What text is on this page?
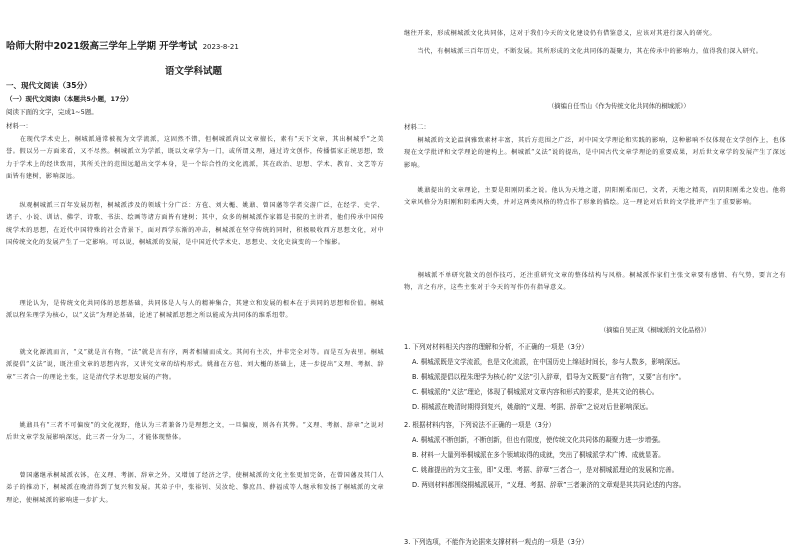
哈师大附中2021级高三学年上学期 开学考试 2023-8-21
语文学科试题
一、现代文阅读（35分）
（一）现代文阅读Ⅰ（本题共5小题，17分）
阅读下面的文字，完成1~5题。
材料一：
　　在现代学术史上，桐城派通常被视为文学流派，这固然不错，但桐城派尚以文章擅长，素有“天下文章，其出桐城乎”之美誉。假以另一方面来看，又不尽然。桐城派立为学派，既以文章学为一门，或所谓义理，通过诗文创作，传播儒家正统思想，致力于学术上的经世致用，其所关注的范围远超出文学本身，是一个综合性的文化流派，其在政治、思想、学术、教育、文艺等方面皆有建树，影响深远。
　　纵观桐城派三百年发展历程，桐城派涉及的领域十分广泛：方苞、刘大櫆、姚鼐、曾国藩等学者交游广泛，在经学、史学、诸子、小说、训诂、佛学、诗歌、书法、绘画等诸方面皆有建树；其中，众多的桐城派作家都是书院的主讲者，他们传承中国传统学术的思想，在近代中国特殊的社会背景下，面对西学东渐的冲击，桐城派在坚守传统的同时，积极吸收西方思想文化，对中国传统文化的发展产生了一定影响。可以说，桐城派的发展，是中国近代学术史、思想史、文化史演变的一个缩影。
　　理论认为，是传统文化共同体的思想基础，共同体是人与人的精神集合，其建立和发展的根本在于共同的思想和价值。桐城派以程朱理学为核心，以“义法”为理论基础，论述了桐城派思想之所以能成为共同体的维系纽带。
　　就文化源流而言，“义”就是言有物，“法”就是言有序，两者相辅而成文。其间有主次，并非完全对等。而是互为表里。桐城派提倡“义法”说，既注重文章的思想内容，又讲究文章的结构形式。姚鼐在方苞、刘大櫆的基础上，进一步提出“义理、考据、辞章”三者合一的理论主张，这是清代学术思想发展的产物。
　　姚鼐具有“三者不可偏废”的文化视野，他认为三者兼备乃是理想之文，一旦偏废，则各有其弊。“义理、考据、辞章”之说对后世文章学发展影响深远，此三者一分为二，才能体现整体。
　　曾国藩继承桐城派衣钵，在义理、考据、辞章之外，又增加了经济之学，使桐城派的文化主张更加完备，在曾国藩及其门人弟子的推动下，桐城派在晚清得到了复兴和发展。其弟子中，张裕钊、吴汝纶、黎庶昌、薛福成等人继承和发扬了桐城派的文章理论，使桐城派的影响进一步扩大。
继往开来，形成桐城派文化共同体，这对于我们今天的文化建设仍有借鉴意义，应该对其进行深入的研究。
　　当代，有桐城派三百年历史，不断发展。其所形成的文化共同体的凝聚力，其在传承中的影响力，值得我们深入研究。
（摘编自任雪山《作为传统文化共同体的桐城派》）
材料二：
　　桐城派的文论温润雅致素材丰富，其后方范围之广泛，对中国文学理论和实践的影响，这种影响不仅体现在文学创作上，也体现在文学批评和文学理论的建构上。桐城派“义法”说的提出，是中国古代文章学理论的重要成果，对后世文章学的发展产生了深远影响。
　　姚鼐提出的文章理论，主要是阳刚阴柔之说。他认为天地之道，阴阳刚柔而已，文者，天地之精英，而阴阳刚柔之发也。他将文章风格分为阳刚和阴柔两大类，并对这两类风格的特点作了形象的描绘。这一理论对后世的文学批评产生了重要影响。
　　桐城派不单研究散文的创作技巧，还注重研究文章的整体结构与风格。桐城派作家们主张文章要有感情、有气势，要言之有物，言之有序，这些主张对于今天的写作仍有指导意义。
（摘编自吴正岚《桐城派的文化品格》）
1. 下列对材料相关内容的理解和分析，不正确的一项是（3分）
A. 桐城派既是文学流派，也是文化流派，在中国历史上绵延时间长，参与人数多，影响深远。
B. 桐城派提倡以程朱理学为核心的“义法”引入辞章，倡导为文既要“言有物”，又要“言有序”。
C. 桐城派的“义法”理论，体现了桐城派对文章内容和形式的要求，是其文论的核心。
D. 桐城派在晚清时期得到复兴，姚鼐的“义理、考据、辞章”之说对后世影响深远。
2. 根据材料内容，下列说法不正确的一项是（3分）
A. 桐城派不断创新，不断创新，但也有限度，使传统文化共同体的凝聚力进一步增强。
B. 材料一大量列举桐城派在多个领域取得的成就，突出了桐城派学术广博、成就显著。
C. 姚鼐提出的为文主张，即“义理、考据、辞章”三者合一，是对桐城派理论的发展和完善。
D. 两则材料都围绕桐城派展开，“义理、考据、辞章”三者兼济的文章观是其共同论述的内容。
3. 下列选项，不能作为论据来支撑材料一观点的一项是（3分）
